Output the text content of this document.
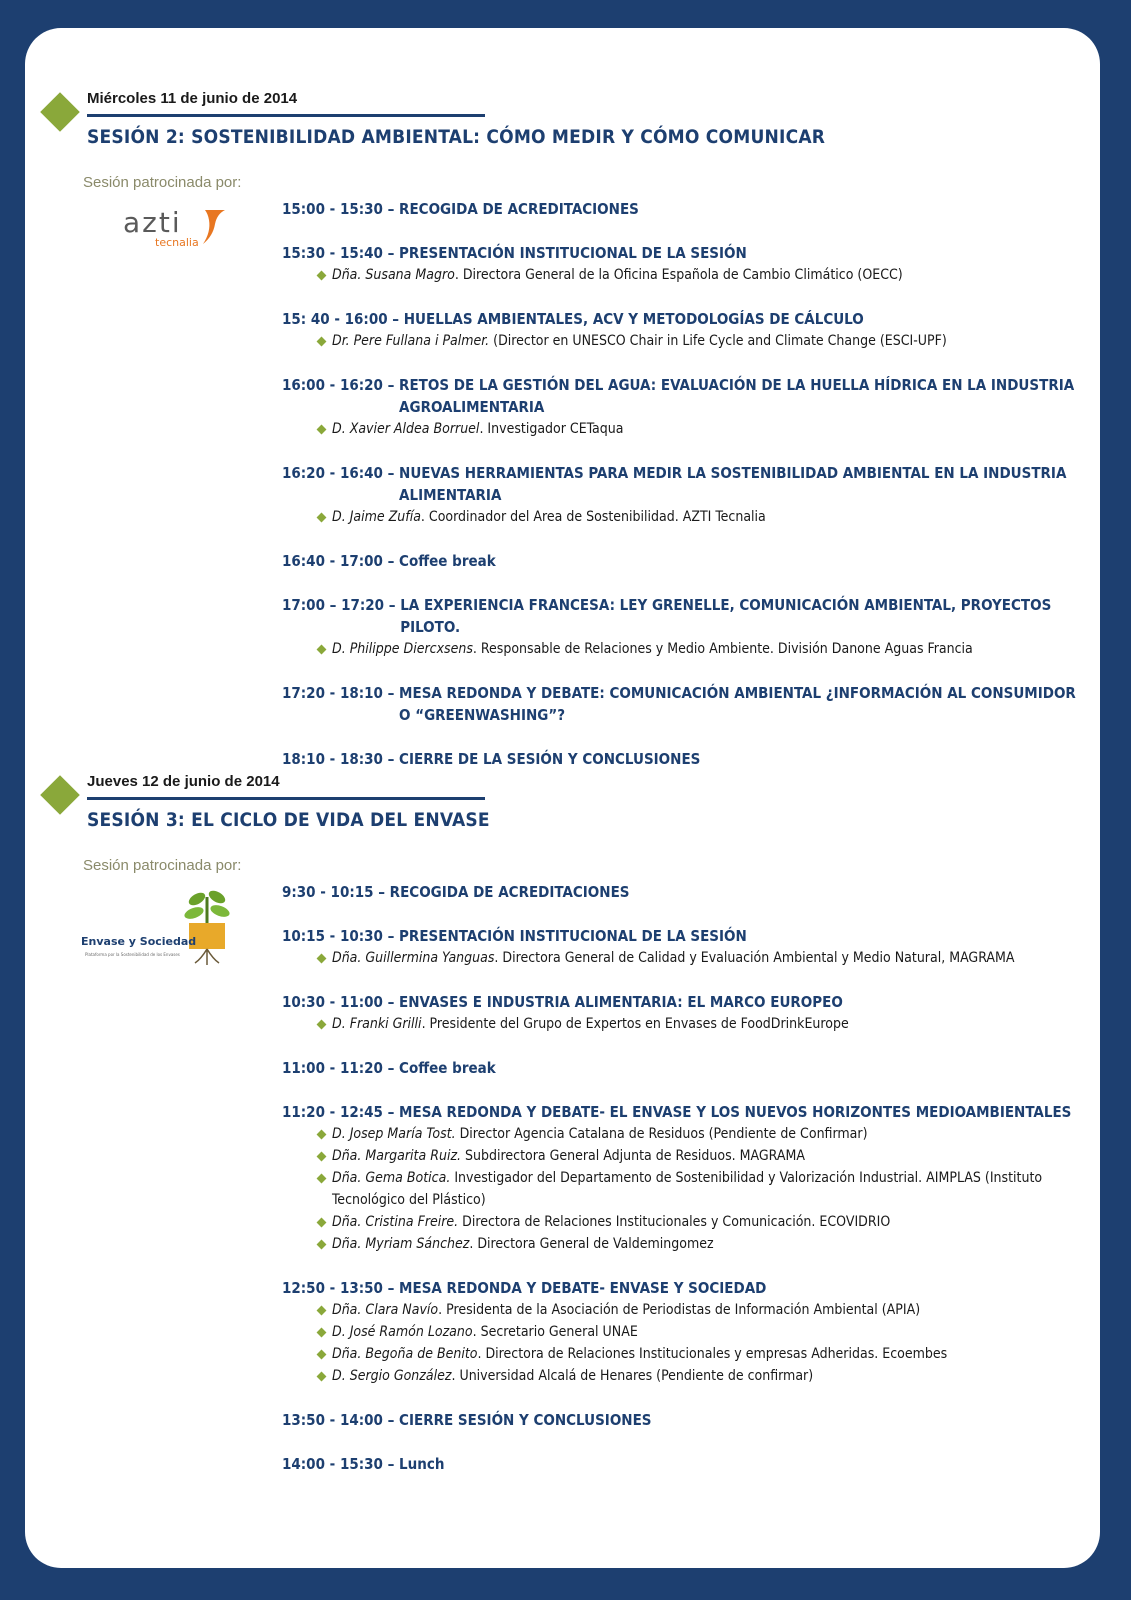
Miércoles 11 de junio de 2014
SESIÓN 2: SOSTENIBILIDAD AMBIENTAL: CÓMO MEDIR Y CÓMO COMUNICAR
Sesión patrocinada por:
azti
tecnalia
15:00 - 15:30 – RECOGIDA DE ACREDITACIONES
15:30 - 15:40 – PRESENTACIÓN INSTITUCIONAL DE LA SESIÓN
Dña. Susana Magro. Directora General de la Oficina Española de Cambio Climático (OECC)
15: 40 - 16:00 – HUELLAS AMBIENTALES, ACV Y METODOLOGÍAS DE CÁLCULO
Dr. Pere Fullana i Palmer. (Director en UNESCO Chair in Life Cycle and Climate Change (ESCI-UPF)
16:00 - 16:20 – RETOS DE LA GESTIÓN DEL AGUA: EVALUACIÓN DE LA HUELLA HÍDRICA EN LA INDUSTRIA AGROALIMENTARIA
D. Xavier Aldea Borruel. Investigador CETaqua
16:20 - 16:40 – NUEVAS HERRAMIENTAS PARA MEDIR LA SOSTENIBILIDAD AMBIENTAL EN LA INDUSTRIA ALIMENTARIA
D. Jaime Zufía. Coordinador del Area de Sostenibilidad. AZTI Tecnalia
16:40 - 17:00 – Coffee break
17:00 – 17:20 – LA EXPERIENCIA FRANCESA: LEY GRENELLE, COMUNICACIÓN AMBIENTAL, PROYECTOS PILOTO.
D. Philippe Diercxsens. Responsable de Relaciones y Medio Ambiente. División Danone Aguas Francia
17:20 - 18:10 – MESA REDONDA Y DEBATE: COMUNICACIÓN AMBIENTAL ¿INFORMACIÓN AL CONSUMIDOR O “GREENWASHING”?
18:10 - 18:30 – CIERRE DE LA SESIÓN Y CONCLUSIONES
Jueves 12 de junio de 2014
SESIÓN 3: EL CICLO DE VIDA DEL ENVASE
Sesión patrocinada por:
Envase y Sociedad
Plataforma por la Sostenibilidad de los Envases
9:30 - 10:15 – RECOGIDA DE ACREDITACIONES
10:15 - 10:30 – PRESENTACIÓN INSTITUCIONAL DE LA SESIÓN
Dña. Guillermina Yanguas. Directora General de Calidad y Evaluación Ambiental y Medio Natural, MAGRAMA
10:30 - 11:00 – ENVASES E INDUSTRIA ALIMENTARIA: EL MARCO EUROPEO
D. Franki Grilli. Presidente del Grupo de Expertos en Envases de FoodDrinkEurope
11:00 - 11:20 – Coffee break
11:20 - 12:45 – MESA REDONDA Y DEBATE- EL ENVASE Y LOS NUEVOS HORIZONTES MEDIOAMBIENTALES
D. Josep María Tost. Director Agencia Catalana de Residuos (Pendiente de Confirmar)
Dña. Margarita Ruiz. Subdirectora General Adjunta de Residuos. MAGRAMA
Dña. Gema Botica. Investigador del Departamento de Sostenibilidad y Valorización Industrial. AIMPLAS (Instituto Tecnológico del Plástico)
Dña. Cristina Freire. Directora de Relaciones Institucionales y Comunicación. ECOVIDRIO
Dña. Myriam Sánchez. Directora General de Valdemingomez
12:50 - 13:50 – MESA REDONDA Y DEBATE- ENVASE Y SOCIEDAD
Dña. Clara Navío. Presidenta de la Asociación de Periodistas de Información Ambiental (APIA)
D. José Ramón Lozano. Secretario General UNAE
Dña. Begoña de Benito. Directora de Relaciones Institucionales y empresas Adheridas. Ecoembes
D. Sergio González. Universidad Alcalá de Henares (Pendiente de confirmar)
13:50 - 14:00 – CIERRE SESIÓN Y CONCLUSIONES
14:00 - 15:30 – Lunch
